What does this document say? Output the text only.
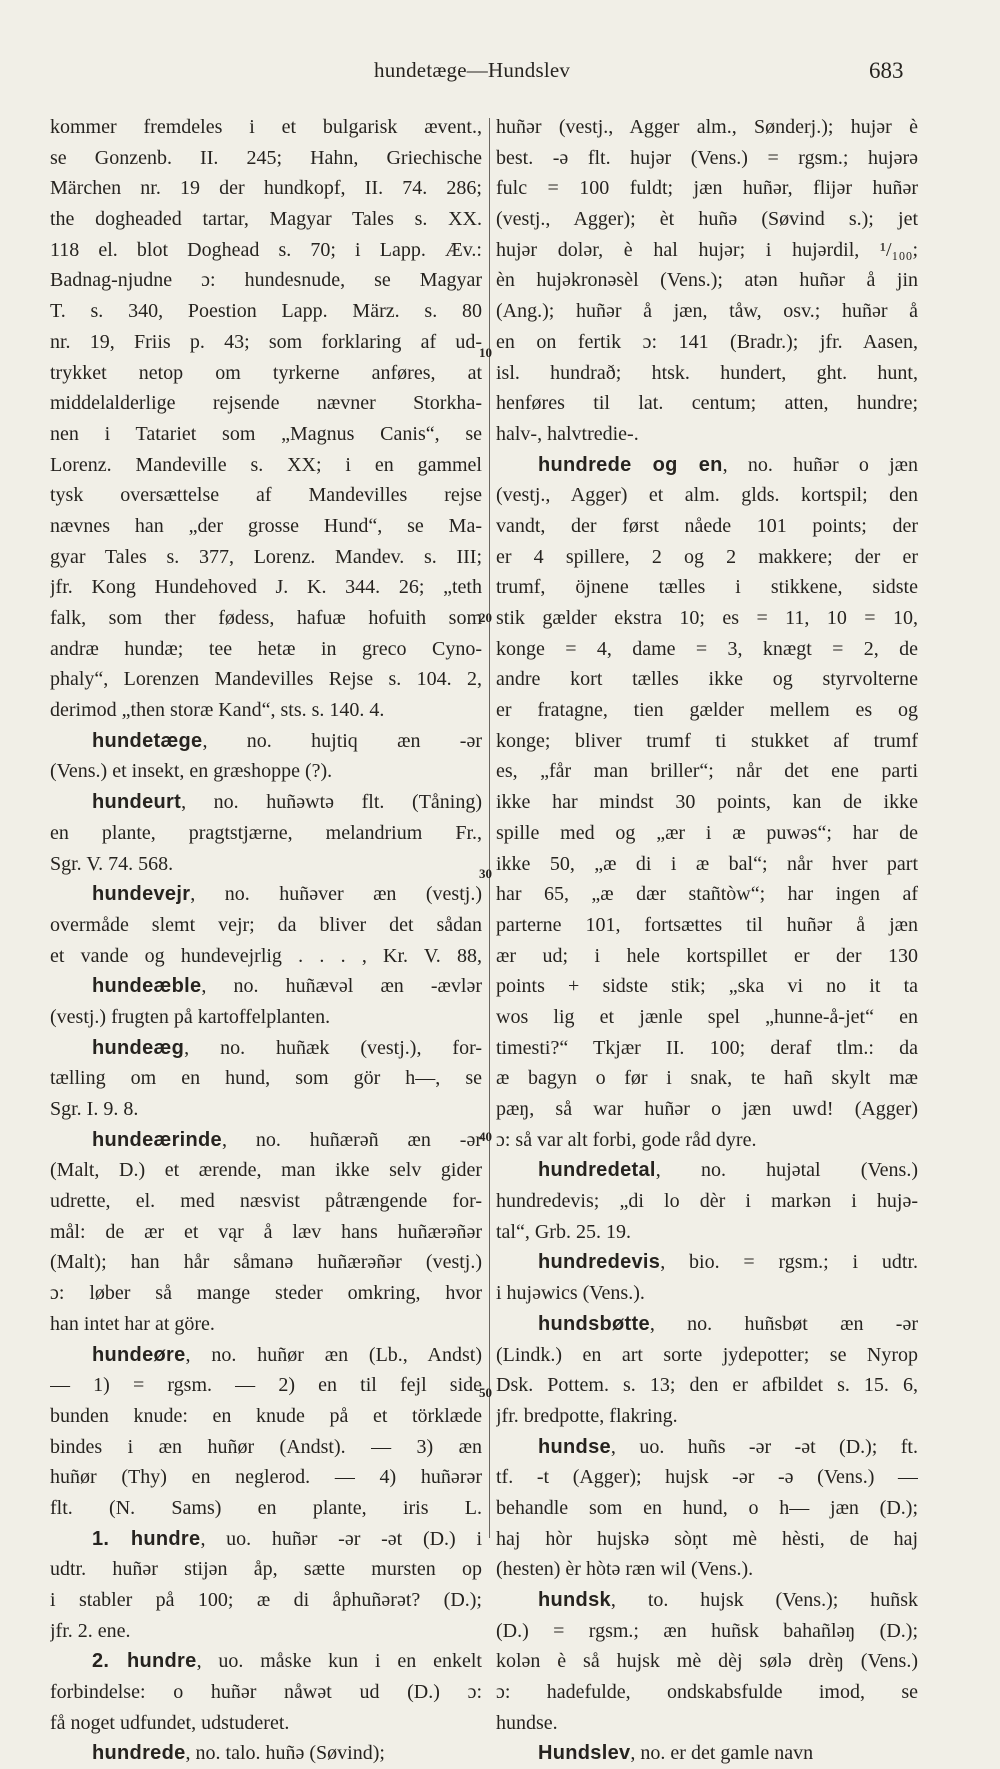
hundetæge—Hundslev	683
10
20
30
40
50
kommer fremdeles i et bulgarisk ævent.,
se Gonzenb. II. 245; Hahn, Griechische
Märchen nr. 19 der hundkopf, II. 74. 286;
the dogheaded tartar, Magyar Tales s. XX.
118 el. blot Doghead s. 70; i Lapp. Æv.:
Badnag-njudne ɔ: hundesnude, se Magyar
T. s. 340, Poestion Lapp. März. s. 80
nr. 19, Friis p. 43; som forklaring af ud-
trykket netop om tyrkerne anføres, at
middelalderlige rejsende nævner Storkha-
nen i Tatariet som „Magnus Canis“, se
Lorenz. Mandeville s. XX; i en gammel
tysk oversættelse af Mandevilles rejse
nævnes han „der grosse Hund“, se Ma-
gyar Tales s. 377, Lorenz. Mandev. s. III;
jfr. Kong Hundehoved J. K. 344. 26; „teth
falk, som ther fødess, hafuæ hofuith som
andræ hundæ; tee hetæ in greco Cyno-
phaly“, Lorenzen Mandevilles Rejse s. 104. 2,
derimod „then storæ Kand“, sts. s. 140. 4.
hundetæge, no. hujtiq æn -ər
(Vens.) et insekt, en græshoppe (?).
hundeurt, no. huñəwtə flt. (Tåning)
en plante, pragtstjærne, melandrium Fr.,
Sgr. V. 74. 568.
hundevejr, no. huñəver æn (vestj.)
overmåde slemt vejr; da bliver det sådan
et vande og hundevejrlig . . . , Kr. V. 88,
hundeæble, no. huñævəl æn -ævlər
(vestj.) frugten på kartoffelplanten.
hundeæg, no. huñæk (vestj.), for-
tælling om en hund, som gör h—, se
Sgr. I. 9. 8.
hundeærinde, no. huñærəñ æn -ər
(Malt, D.) et ærende, man ikke selv gider
udrette, el. med næsvist påtrængende for-
mål: de ær et vąr å læv hans huñærəñər
(Malt); han hår såmanə huñærəñər (vestj.)
ɔ: løber så mange steder omkring, hvor
han intet har at göre.
hundeøre, no. huñør æn (Lb., Andst)
— 1) = rgsm. — 2) en til fejl side
bunden knude: en knude på et törklæde
bindes i æn huñør (Andst). — 3) æn
huñør (Thy) en neglerod. — 4) huñərər
flt. (N. Sams) en plante, iris L.
1. hundre, uo. huñər -ər -ət (D.) i
udtr. huñər stijən åp, sætte mursten op
i stabler på 100; æ di åphuñərət? (D.);
jfr. 2. ene.
2. hundre, uo. måske kun i en enkelt
forbindelse: o huñər nåwət ud (D.) ɔ:
få noget udfundet, udstuderet.
hundrede, no. talo. huñə (Søvind);
huñər (vestj., Agger alm., Sønderj.); hujər è
best. -ə flt. hujər (Vens.) = rgsm.; hujərə
fulc = 100 fuldt; jæn huñər, flijər huñər
(vestj., Agger); èt huñə (Søvind s.); jet
hujər dolər, è hal hujər; i hujərdil, ¹/₁₀₀;
èn hujəkronəsèl (Vens.); atən huñər å jin
(Ang.); huñər å jæn, tåw, osv.; huñər å
en on fertik ɔ: 141 (Bradr.); jfr. Aasen,
isl. hundrað; htsk. hundert, ght. hunt,
henføres til lat. centum; atten, hundre;
halv-, halvtredie-.
hundrede og en, no. huñər o jæn
(vestj., Agger) et alm. glds. kortspil; den
vandt, der først nåede 101 points; der
er 4 spillere, 2 og 2 makkere; der er
trumf, öjnene tælles i stikkene, sidste
stik gælder ekstra 10; es = 11, 10 = 10,
konge = 4, dame = 3, knægt = 2, de
andre kort tælles ikke og styrvolterne
er fratagne, tien gælder mellem es og
konge; bliver trumf ti stukket af trumf
es, „får man briller“; når det ene parti
ikke har mindst 30 points, kan de ikke
spille med og „ær i æ puwəs“; har de
ikke 50, „æ di i æ bal“; når hver part
har 65, „æ dær stañtòw“; har ingen af
parterne 101, fortsættes til huñər å jæn
ær ud; i hele kortspillet er der 130
points + sidste stik; „ska vi no it ta
wos lig et jænle spel „hunne-å-jet“ en
timesti?“ Tkjær II. 100; deraf tlm.: da
æ bagyn o før i snak, te hañ skylt mæ
pæŋ, så war huñər o jæn uwd! (Agger)
ɔ: så var alt forbi, gode råd dyre.
hundredetal, no. hujətal (Vens.)
hundredevis; „di lo dèr i markən i hujə-
tal“, Grb. 25. 19.
hundredevis, bio. = rgsm.; i udtr.
i hujəwics (Vens.).
hundsbøtte, no. huñsbøt æn -ər
(Lindk.) en art sorte jydepotter; se Nyrop
Dsk. Pottem. s. 13; den er afbildet s. 15. 6,
jfr. bredpotte, flakring.
hundse, uo. huñs -ər -ət (D.); ft.
tf. -t (Agger); hujsk -ər -ə (Vens.) —
behandle som en hund, o h— jæn (D.);
haj hòr hujskə sòņt mè hèsti, de haj
(hesten) èr hòtə ræn wil (Vens.).
hundsk, to. hujsk (Vens.); huñsk
(D.) = rgsm.; æn huñsk bahañləŋ (D.);
kolən è så hujsk mè dèj sølə drèŋ (Vens.)
ɔ: hadefulde, ondskabsfulde imod, se
hundse.
Hundslev, no. er det gamle navn
